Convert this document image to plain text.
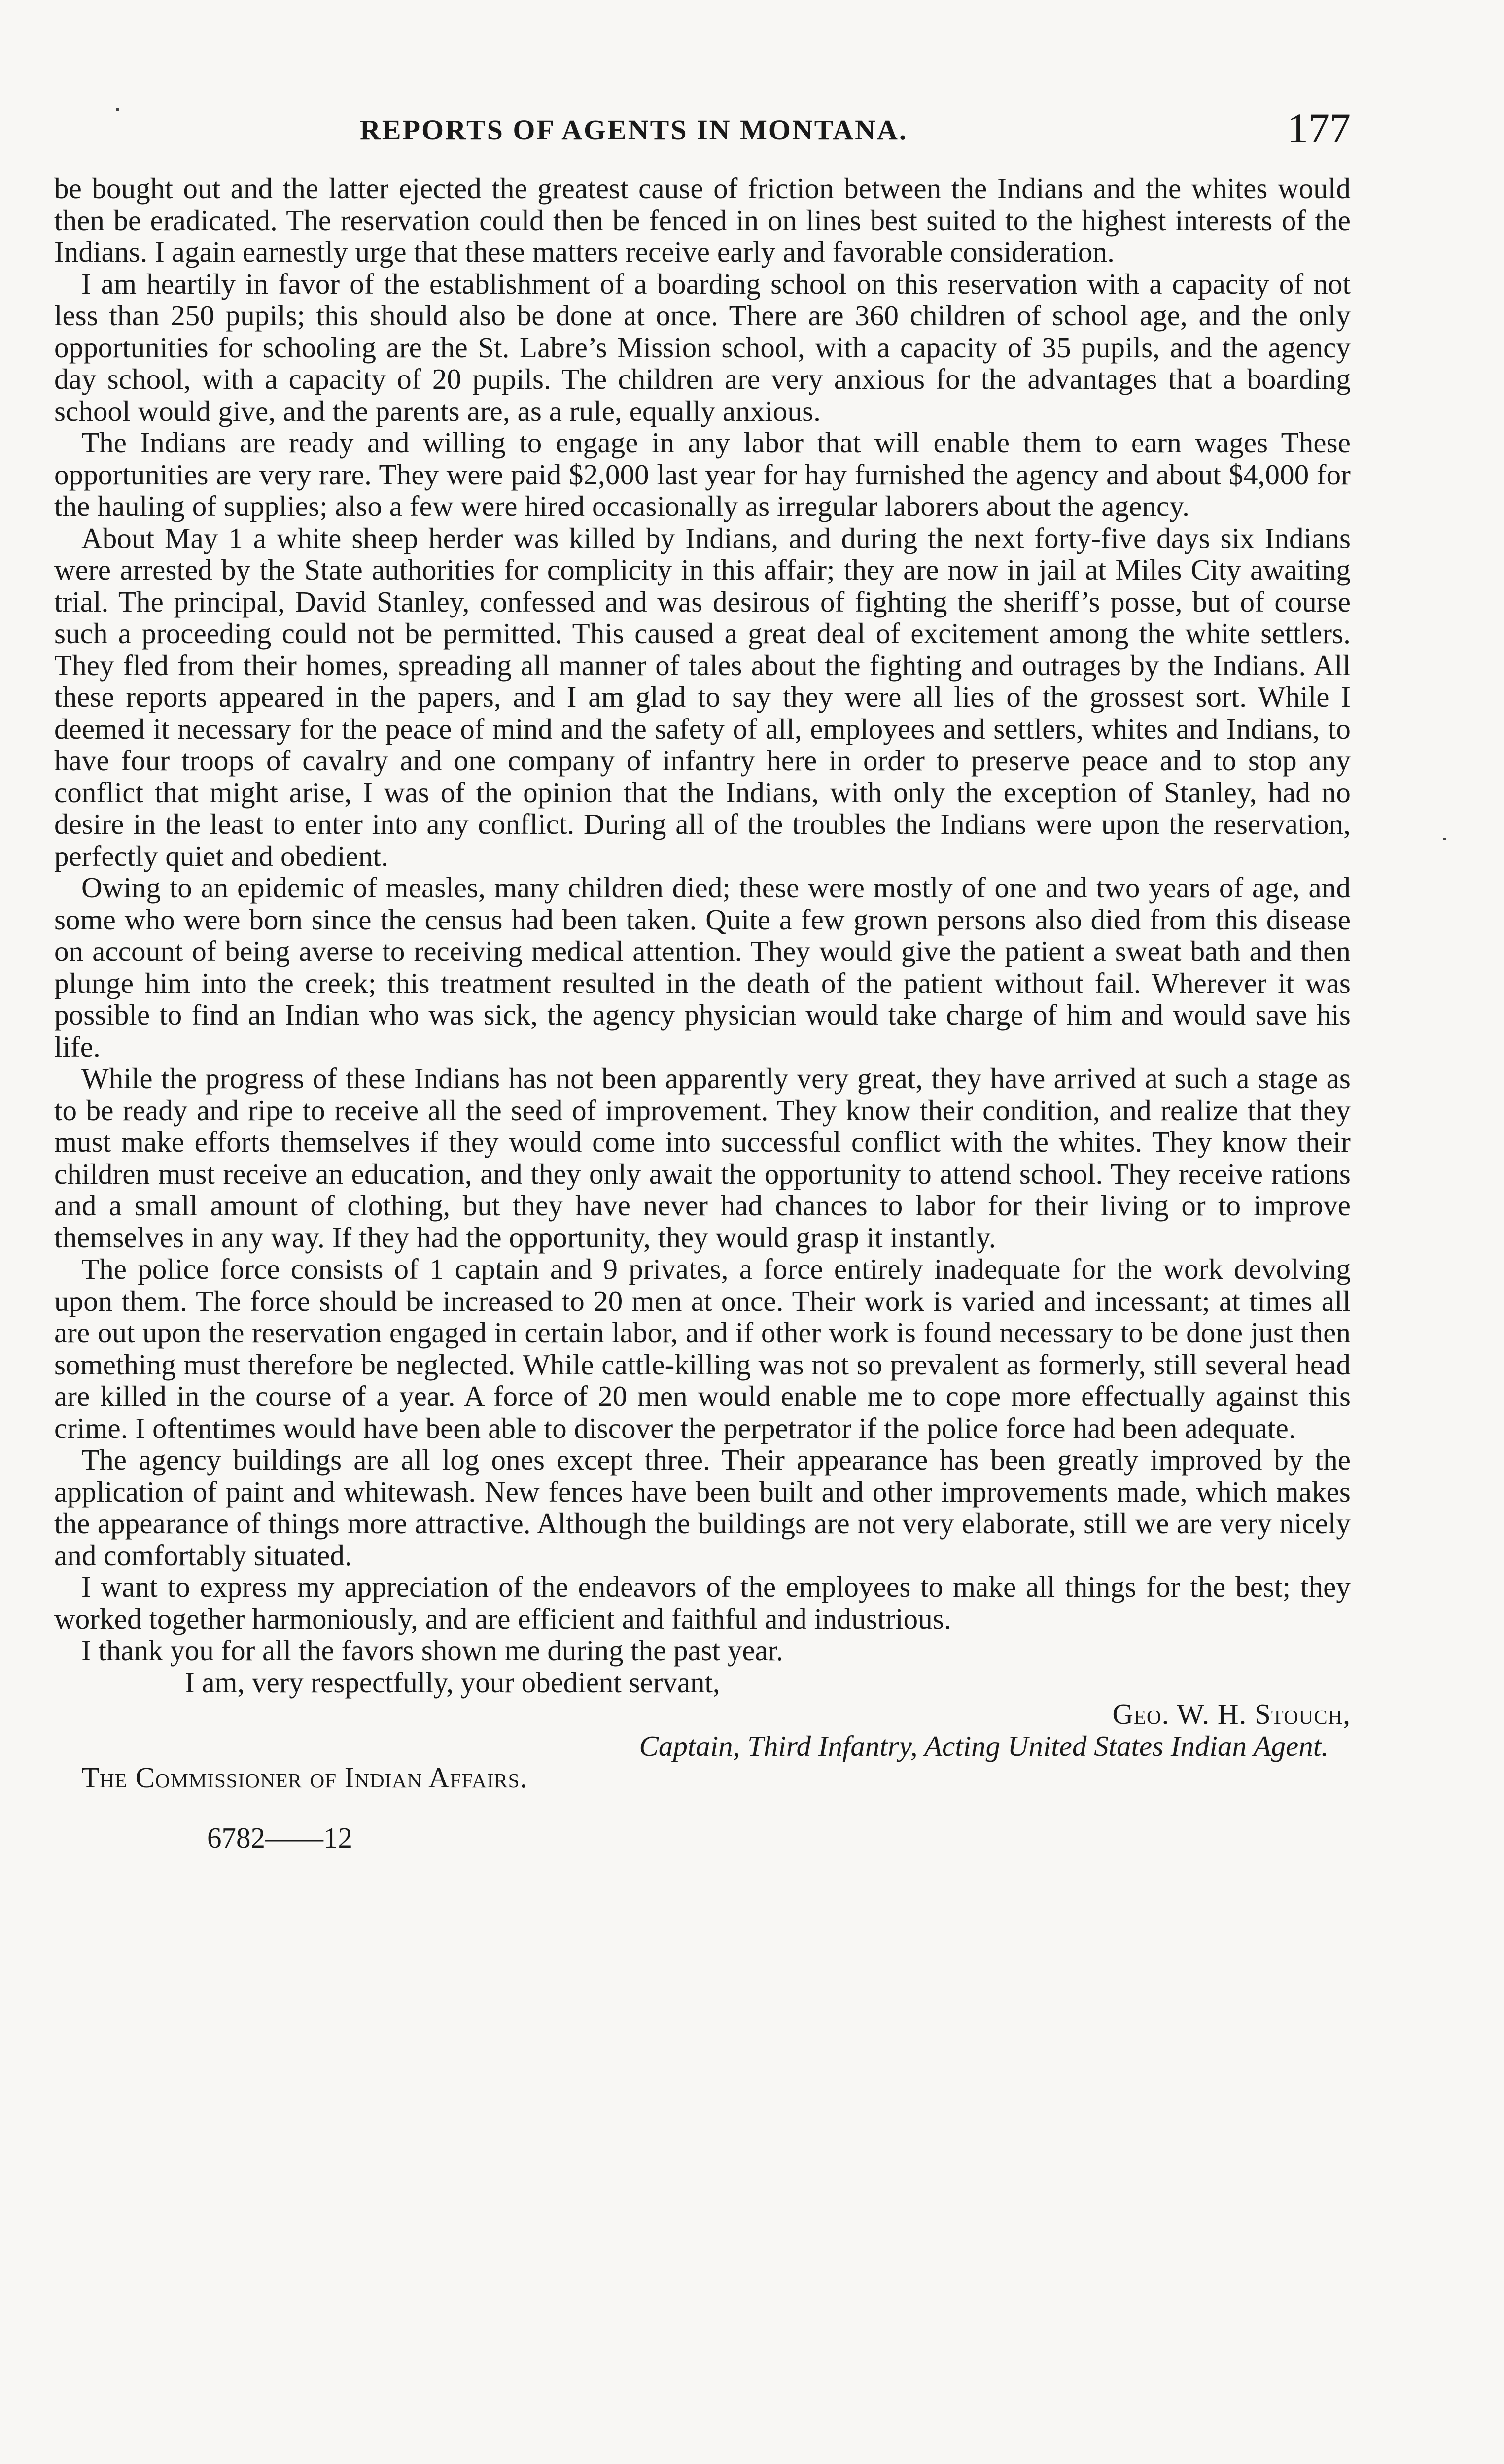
REPORTS OF AGENTS IN MONTANA.	177

be bought out and the latter ejected the greatest cause of friction between the Indians and the whites would then be eradicated. The reservation could then be fenced in on lines best suited to the highest interests of the Indians. I again earnestly urge that these matters receive early and favorable consideration.

I am heartily in favor of the establishment of a boarding school on this reservation with a capacity of not less than 250 pupils; this should also be done at once. There are 360 children of school age, and the only opportunities for schooling are the St. Labre’s Mission school, with a capacity of 35 pupils, and the agency day school, with a capacity of 20 pupils. The children are very anxious for the advantages that a boarding school would give, and the parents are, as a rule, equally anxious.

The Indians are ready and willing to engage in any labor that will enable them to earn wages These opportunities are very rare. They were paid $2,000 last year for hay furnished the agency and about $4,000 for the hauling of supplies; also a few were hired occasionally as irregular laborers about the agency.

About May 1 a white sheep herder was killed by Indians, and during the next forty-five days six Indians were arrested by the State authorities for complicity in this affair; they are now in jail at Miles City awaiting trial. The principal, David Stanley, confessed and was desirous of fighting the sheriff’s posse, but of course such a proceeding could not be permitted. This caused a great deal of excitement among the white settlers. They fled from their homes, spreading all manner of tales about the fighting and outrages by the Indians. All these reports appeared in the papers, and I am glad to say they were all lies of the grossest sort. While I deemed it necessary for the peace of mind and the safety of all, employees and settlers, whites and Indians, to have four troops of cavalry and one company of infantry here in order to preserve peace and to stop any conflict that might arise, I was of the opinion that the Indians, with only the exception of Stanley, had no desire in the least to enter into any conflict. During all of the troubles the Indians were upon the reservation, perfectly quiet and obedient.

Owing to an epidemic of measles, many children died; these were mostly of one and two years of age, and some who were born since the census had been taken. Quite a few grown persons also died from this disease on account of being averse to receiving medical attention. They would give the patient a sweat bath and then plunge him into the creek; this treatment resulted in the death of the patient without fail. Wherever it was possible to find an Indian who was sick, the agency physician would take charge of him and would save his life.

While the progress of these Indians has not been apparently very great, they have arrived at such a stage as to be ready and ripe to receive all the seed of improvement. They know their condition, and realize that they must make efforts themselves if they would come into successful conflict with the whites. They know their children must receive an education, and they only await the opportunity to attend school. They receive rations and a small amount of clothing, but they have never had chances to labor for their living or to improve themselves in any way. If they had the opportunity, they would grasp it instantly.

The police force consists of 1 captain and 9 privates, a force entirely inadequate for the work devolving upon them. The force should be increased to 20 men at once. Their work is varied and incessant; at times all are out upon the reservation engaged in certain labor, and if other work is found necessary to be done just then something must therefore be neglected. While cattle-killing was not so prevalent as formerly, still several head are killed in the course of a year. A force of 20 men would enable me to cope more effectually against this crime. I oftentimes would have been able to discover the perpetrator if the police force had been adequate.

The agency buildings are all log ones except three. Their appearance has been greatly improved by the application of paint and whitewash. New fences have been built and other improvements made, which makes the appearance of things more attractive. Although the buildings are not very elaborate, still we are very nicely and comfortably situated.

I want to express my appreciation of the endeavors of the employees to make all things for the best; they worked together harmoniously, and are efficient and faithful and industrious.

I thank you for all the favors shown me during the past year.

I am, very respectfully, your obedient servant,

Geo. W. H. Stouch,

Captain, Third Infantry, Acting United States Indian Agent.

The Commissioner of Indian Affairs.

6782——12
